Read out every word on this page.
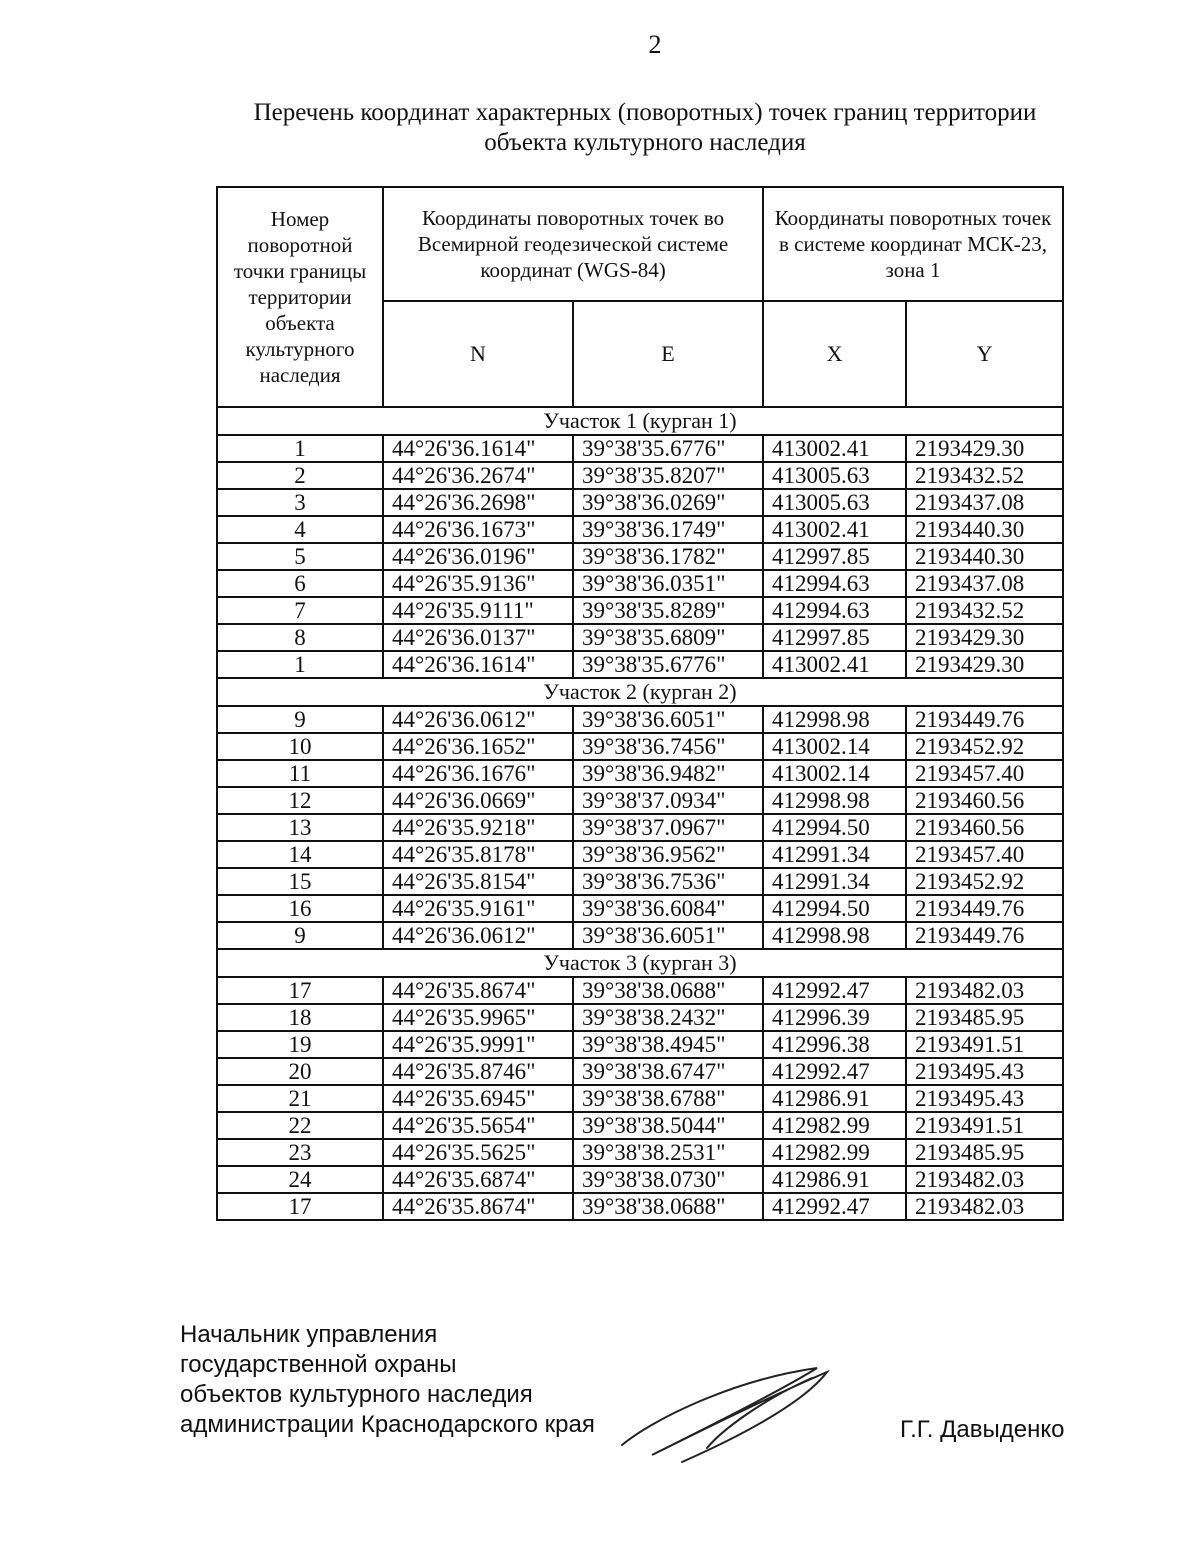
2
Перечень координат характерных (поворотных) точек границ территории
объекта культурного наследия
Номер поворотной точки границы территории объекта культурного наследия	Координаты поворотных точек во Всемирной геодезической системе координат (WGS-84)		Координаты поворотных точек в системе координат МСК-23, зона 1	
	N	E	X	Y
Участок 1 (курган 1)				
1	44°26'36.1614"	39°38'35.6776"	413002.41	2193429.30
2	44°26'36.2674"	39°38'35.8207"	413005.63	2193432.52
3	44°26'36.2698"	39°38'36.0269"	413005.63	2193437.08
4	44°26'36.1673"	39°38'36.1749"	413002.41	2193440.30
5	44°26'36.0196"	39°38'36.1782"	412997.85	2193440.30
6	44°26'35.9136"	39°38'36.0351"	412994.63	2193437.08
7	44°26'35.9111"	39°38'35.8289"	412994.63	2193432.52
8	44°26'36.0137"	39°38'35.6809"	412997.85	2193429.30
1	44°26'36.1614"	39°38'35.6776"	413002.41	2193429.30
Участок 2 (курган 2)				
9	44°26'36.0612"	39°38'36.6051"	412998.98	2193449.76
10	44°26'36.1652"	39°38'36.7456"	413002.14	2193452.92
11	44°26'36.1676"	39°38'36.9482"	413002.14	2193457.40
12	44°26'36.0669"	39°38'37.0934"	412998.98	2193460.56
13	44°26'35.9218"	39°38'37.0967"	412994.50	2193460.56
14	44°26'35.8178"	39°38'36.9562"	412991.34	2193457.40
15	44°26'35.8154"	39°38'36.7536"	412991.34	2193452.92
16	44°26'35.9161"	39°38'36.6084"	412994.50	2193449.76
9	44°26'36.0612"	39°38'36.6051"	412998.98	2193449.76
Участок 3 (курган 3)				
17	44°26'35.8674"	39°38'38.0688"	412992.47	2193482.03
18	44°26'35.9965"	39°38'38.2432"	412996.39	2193485.95
19	44°26'35.9991"	39°38'38.4945"	412996.38	2193491.51
20	44°26'35.8746"	39°38'38.6747"	412992.47	2193495.43
21	44°26'35.6945"	39°38'38.6788"	412986.91	2193495.43
22	44°26'35.5654"	39°38'38.5044"	412982.99	2193491.51
23	44°26'35.5625"	39°38'38.2531"	412982.99	2193485.95
24	44°26'35.6874"	39°38'38.0730"	412986.91	2193482.03
17	44°26'35.8674"	39°38'38.0688"	412992.47	2193482.03
Начальник управления
государственной охраны
объектов культурного наследия
администрации Краснодарского края	Г.Г. Давыденко
